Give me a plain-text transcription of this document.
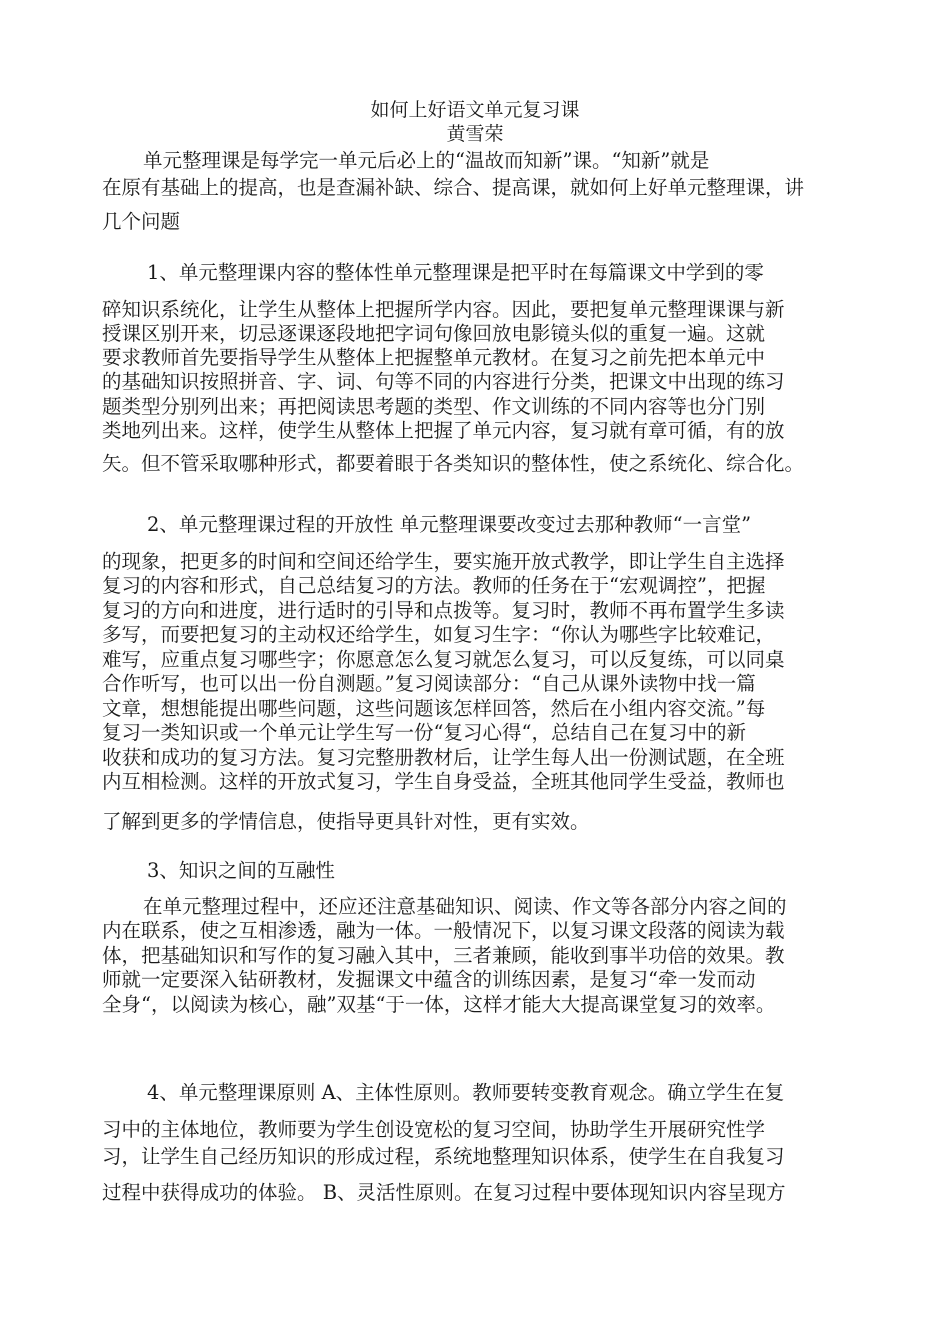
如何上好语文单元复习课
黄雪荣
单元整理课是每学完一单元后必上的“温故而知新”课。“知新”就是
在原有基础上的提高，也是查漏补缺、综合、提高课，就如何上好单元整理课，讲
几个问题
1、单元整理课内容的整体性单元整理课是把平时在每篇课文中学到的零
碎知识系统化，让学生从整体上把握所学内容。因此，要把复单元整理课课与新
授课区别开来，切忌逐课逐段地把字词句像回放电影镜头似的重复一遍。这就
要求教师首先要指导学生从整体上把握整单元教材。在复习之前先把本单元中
的基础知识按照拼音、字、词、句等不同的内容进行分类，把课文中出现的练习
题类型分别列出来；再把阅读思考题的类型、作文训练的不同内容等也分门别
类地列出来。这样，使学生从整体上把握了单元内容，复习就有章可循，有的放
矢。但不管采取哪种形式，都要着眼于各类知识的整体性，使之系统化、综合化。
2、单元整理课过程的开放性 单元整理课要改变过去那种教师“一言堂”
的现象，把更多的时间和空间还给学生，要实施开放式教学，即让学生自主选择
复习的内容和形式，自己总结复习的方法。教师的任务在于“宏观调控”，把握
复习的方向和进度，进行适时的引导和点拨等。复习时，教师不再布置学生多读
多写，而要把复习的主动权还给学生，如复习生字：“你认为哪些字比较难记，
难写，应重点复习哪些字；你愿意怎么复习就怎么复习，可以反复练，可以同桌
合作听写，也可以出一份自测题。”复习阅读部分：“自己从课外读物中找一篇
文章，想想能提出哪些问题，这些问题该怎样回答，然后在小组内容交流。”每
复习一类知识或一个单元让学生写一份“复习心得“，总结自己在复习中的新
收获和成功的复习方法。复习完整册教材后，让学生每人出一份测试题，在全班
内互相检测。这样的开放式复习，学生自身受益，全班其他同学生受益，教师也
了解到更多的学情信息，使指导更具针对性，更有实效。
3、知识之间的互融性
在单元整理过程中，还应还注意基础知识、阅读、作文等各部分内容之间的
内在联系，使之互相渗透，融为一体。一般情况下，以复习课文段落的阅读为载
体，把基础知识和写作的复习融入其中，三者兼顾，能收到事半功倍的效果。教
师就一定要深入钻研教材，发掘课文中蕴含的训练因素，是复习“牵一发而动
全身“，以阅读为核心，融”双基“于一体，这样才能大大提高课堂复习的效率。
4、单元整理课原则 A、主体性原则。教师要转变教育观念。确立学生在复
习中的主体地位，教师要为学生创设宽松的复习空间，协助学生开展研究性学
习，让学生自己经历知识的形成过程，系统地整理知识体系，使学生在自我复习
过程中获得成功的体验。 B、灵活性原则。在复习过程中要体现知识内容呈现方
